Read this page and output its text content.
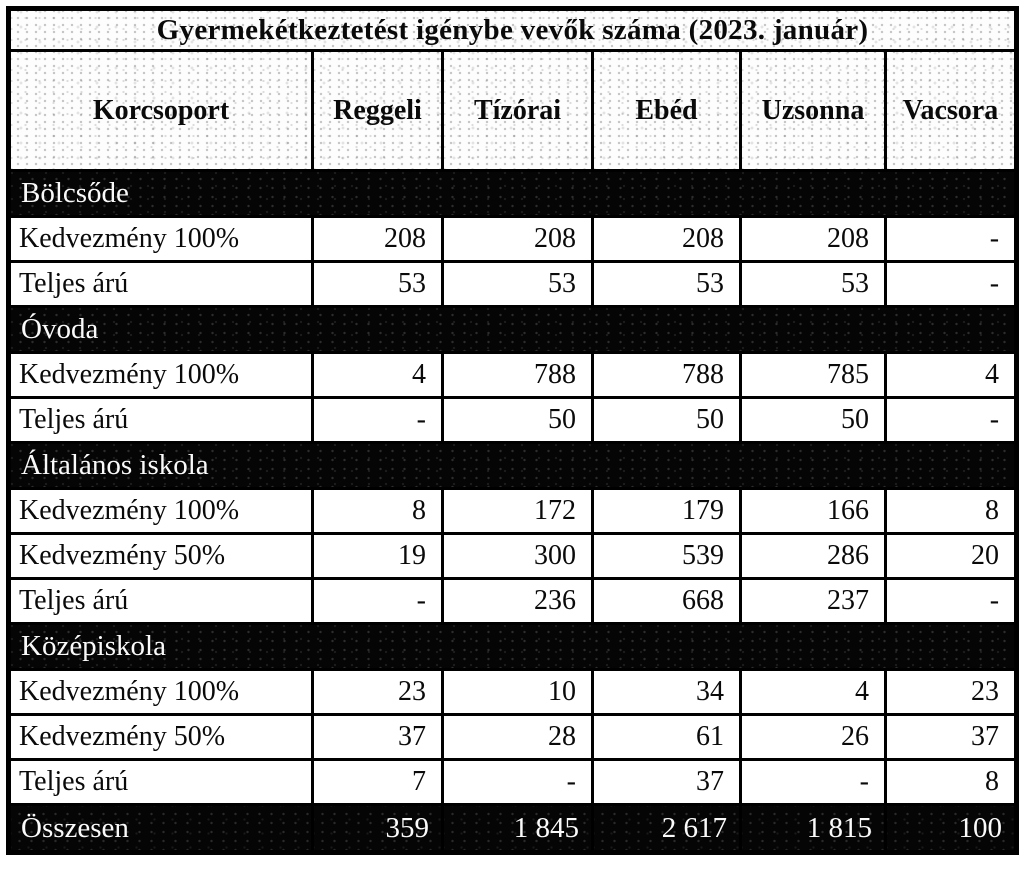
Gyermekétkeztetést igénybe vevők száma (2023. január)					
Korcsoport	Reggeli	Tízórai	Ebéd	Uzsonna	Vacsora
Bölcsőde					
Kedvezmény 100%	208	208	208	208	-
Teljes árú	53	53	53	53	-
Óvoda					
Kedvezmény 100%	4	788	788	785	4
Teljes árú	-	50	50	50	-
Általános iskola					
Kedvezmény 100%	8	172	179	166	8
Kedvezmény 50%	19	300	539	286	20
Teljes árú	-	236	668	237	-
Középiskola					
Kedvezmény 100%	23	10	34	4	23
Kedvezmény 50%	37	28	61	26	37
Teljes árú	7	-	37	-	8
Összesen	359	1 845	2 617	1 815	100
